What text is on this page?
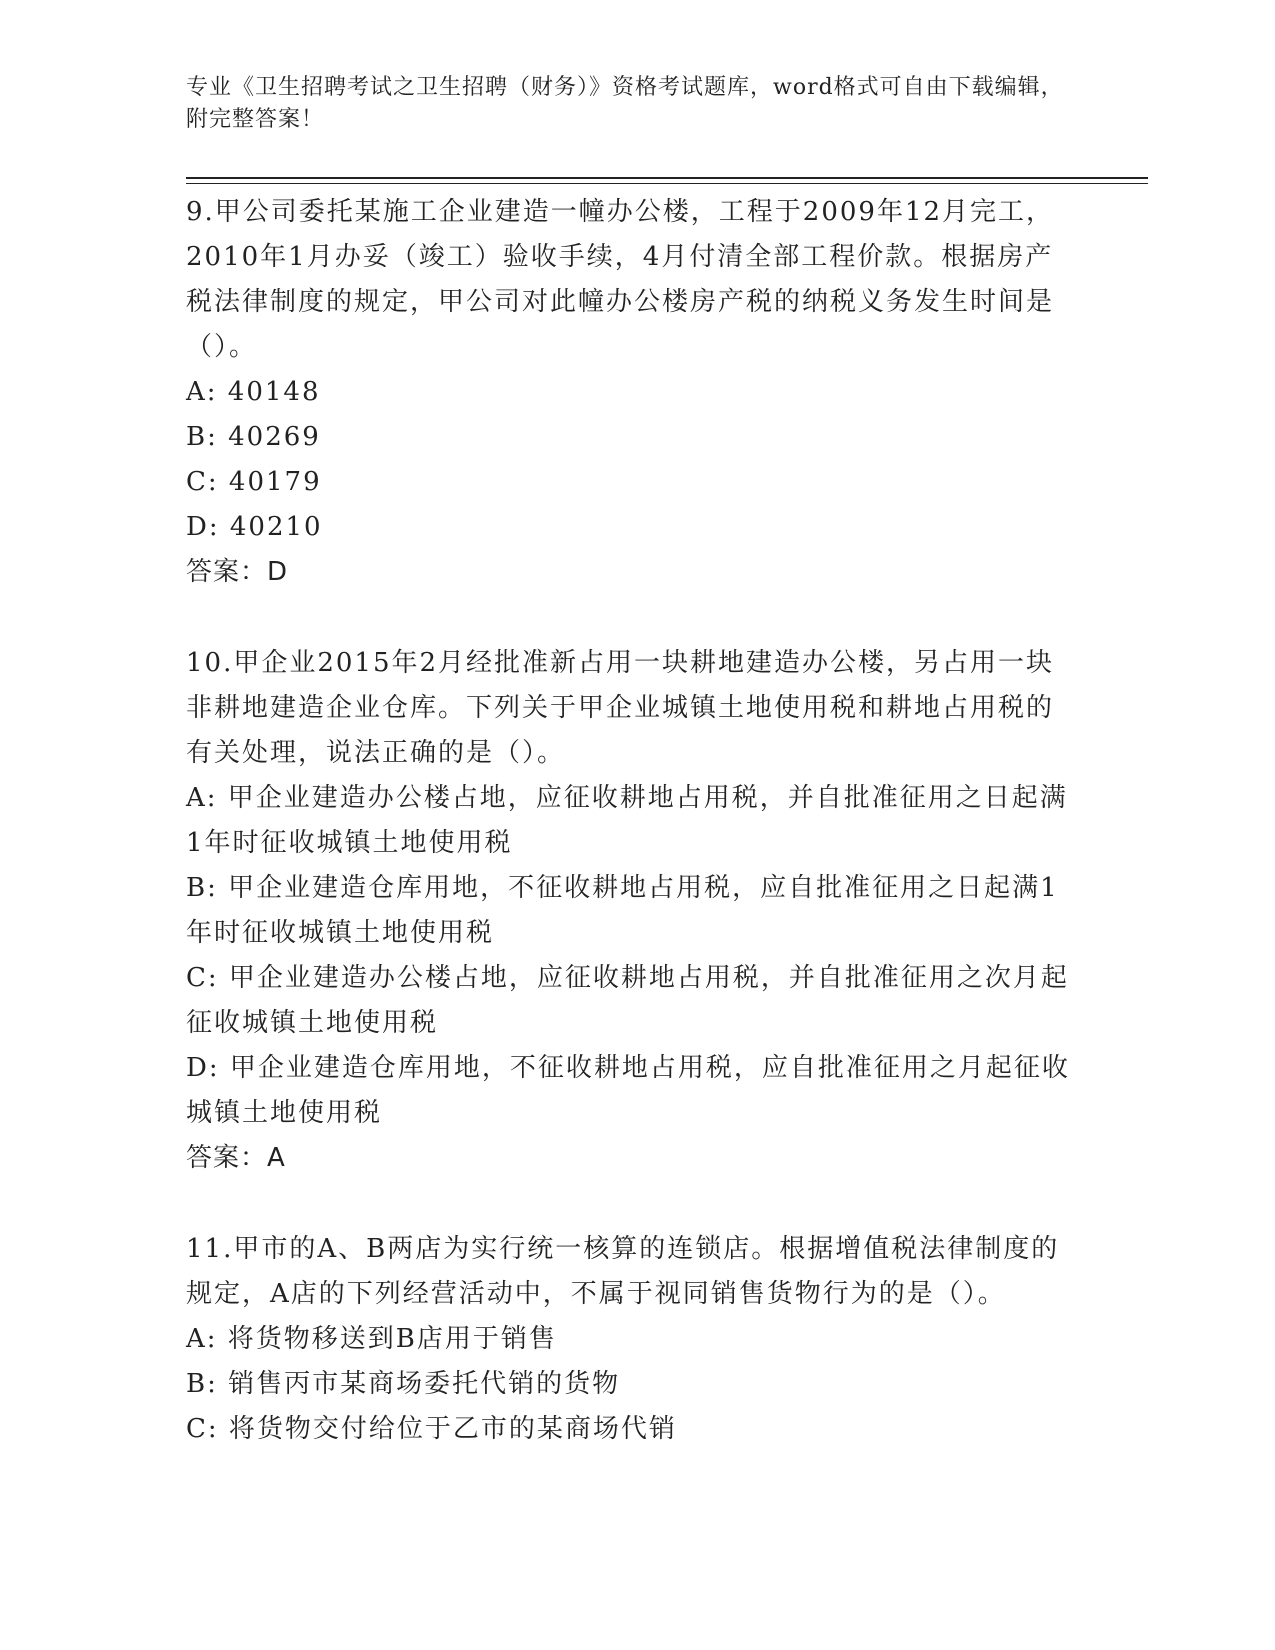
专业《卫生招聘考试之卫生招聘（财务）》资格考试题库，word格式可自由下载编辑，附完整答案！
9.甲公司委托某施工企业建造一幢办公楼，工程于2009年12月完工，2010年1月办妥（竣工）验收手续，4月付清全部工程价款。根据房产税法律制度的规定，甲公司对此幢办公楼房产税的纳税义务发生时间是（）。
A: 40148
B: 40269
C: 40179
D: 40210
答案：D
10.甲企业2015年2月经批准新占用一块耕地建造办公楼，另占用一块非耕地建造企业仓库。下列关于甲企业城镇土地使用税和耕地占用税的有关处理，说法正确的是（）。
A: 甲企业建造办公楼占地，应征收耕地占用税，并自批准征用之日起满1年时征收城镇土地使用税
B: 甲企业建造仓库用地，不征收耕地占用税，应自批准征用之日起满1年时征收城镇土地使用税
C: 甲企业建造办公楼占地，应征收耕地占用税，并自批准征用之次月起征收城镇土地使用税
D: 甲企业建造仓库用地，不征收耕地占用税，应自批准征用之月起征收城镇土地使用税
答案：A
11.甲市的A、B两店为实行统一核算的连锁店。根据增值税法律制度的规定，A店的下列经营活动中，不属于视同销售货物行为的是（）。
A: 将货物移送到B店用于销售
B: 销售丙市某商场委托代销的货物
C: 将货物交付给位于乙市的某商场代销
